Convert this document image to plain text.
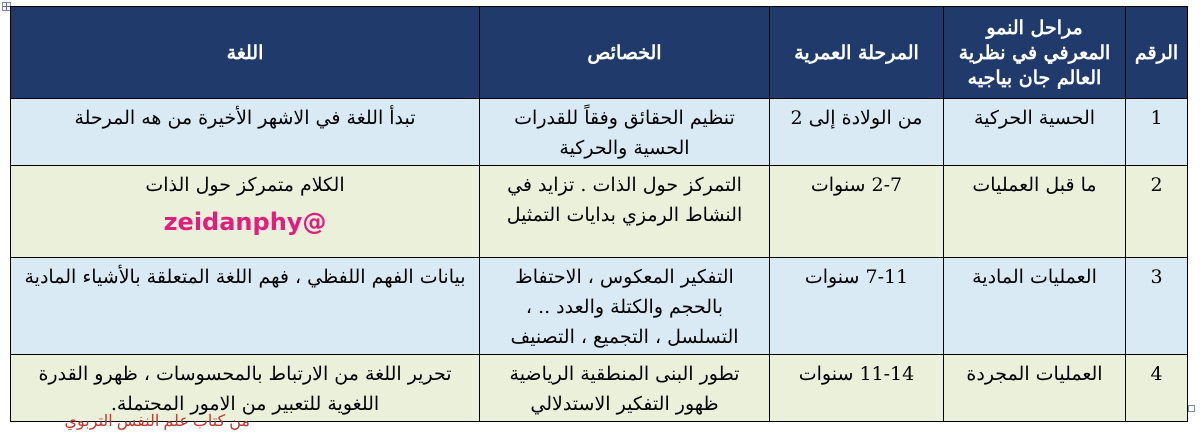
الرقم	مراحل النمو المعرفي في نظرية العالم جان بياجيه	المرحلة العمرية	الخصائص	اللغة
1	الحسية الحركية	من الولادة إلى 2	تنظيم الحقائق وفقاً للقدرات الحسية والحركية	تبدأ اللغة في الاشهر الأخيرة من هه المرحلة
2	ما قبل العمليات	2-7 سنوات	التمركز حول الذات . تزايد في النشاط الرمزي بدايات التمثيل	الكلام متمركز حول الذات
@zeidanphy

3	العمليات المادية	7-11 سنوات	التفكير المعكوس ، الاحتفاظ بالحجم والكتلة والعدد .. ، التسلسل ، التجميع ، التصنيف	بيانات الفهم اللفظي ، فهم اللغة المتعلقة بالأشياء المادية
4	العمليات المجردة	11-14 سنوات	تطور البنى المنطقية الرياضية ظهور التفكير الاستدلالي	تحرير اللغة من الارتباط بالمحسوسات ، ظهرو القدرة اللغوية للتعبير من الامور المحتملة.
من كتاب علم النفس التربوي
